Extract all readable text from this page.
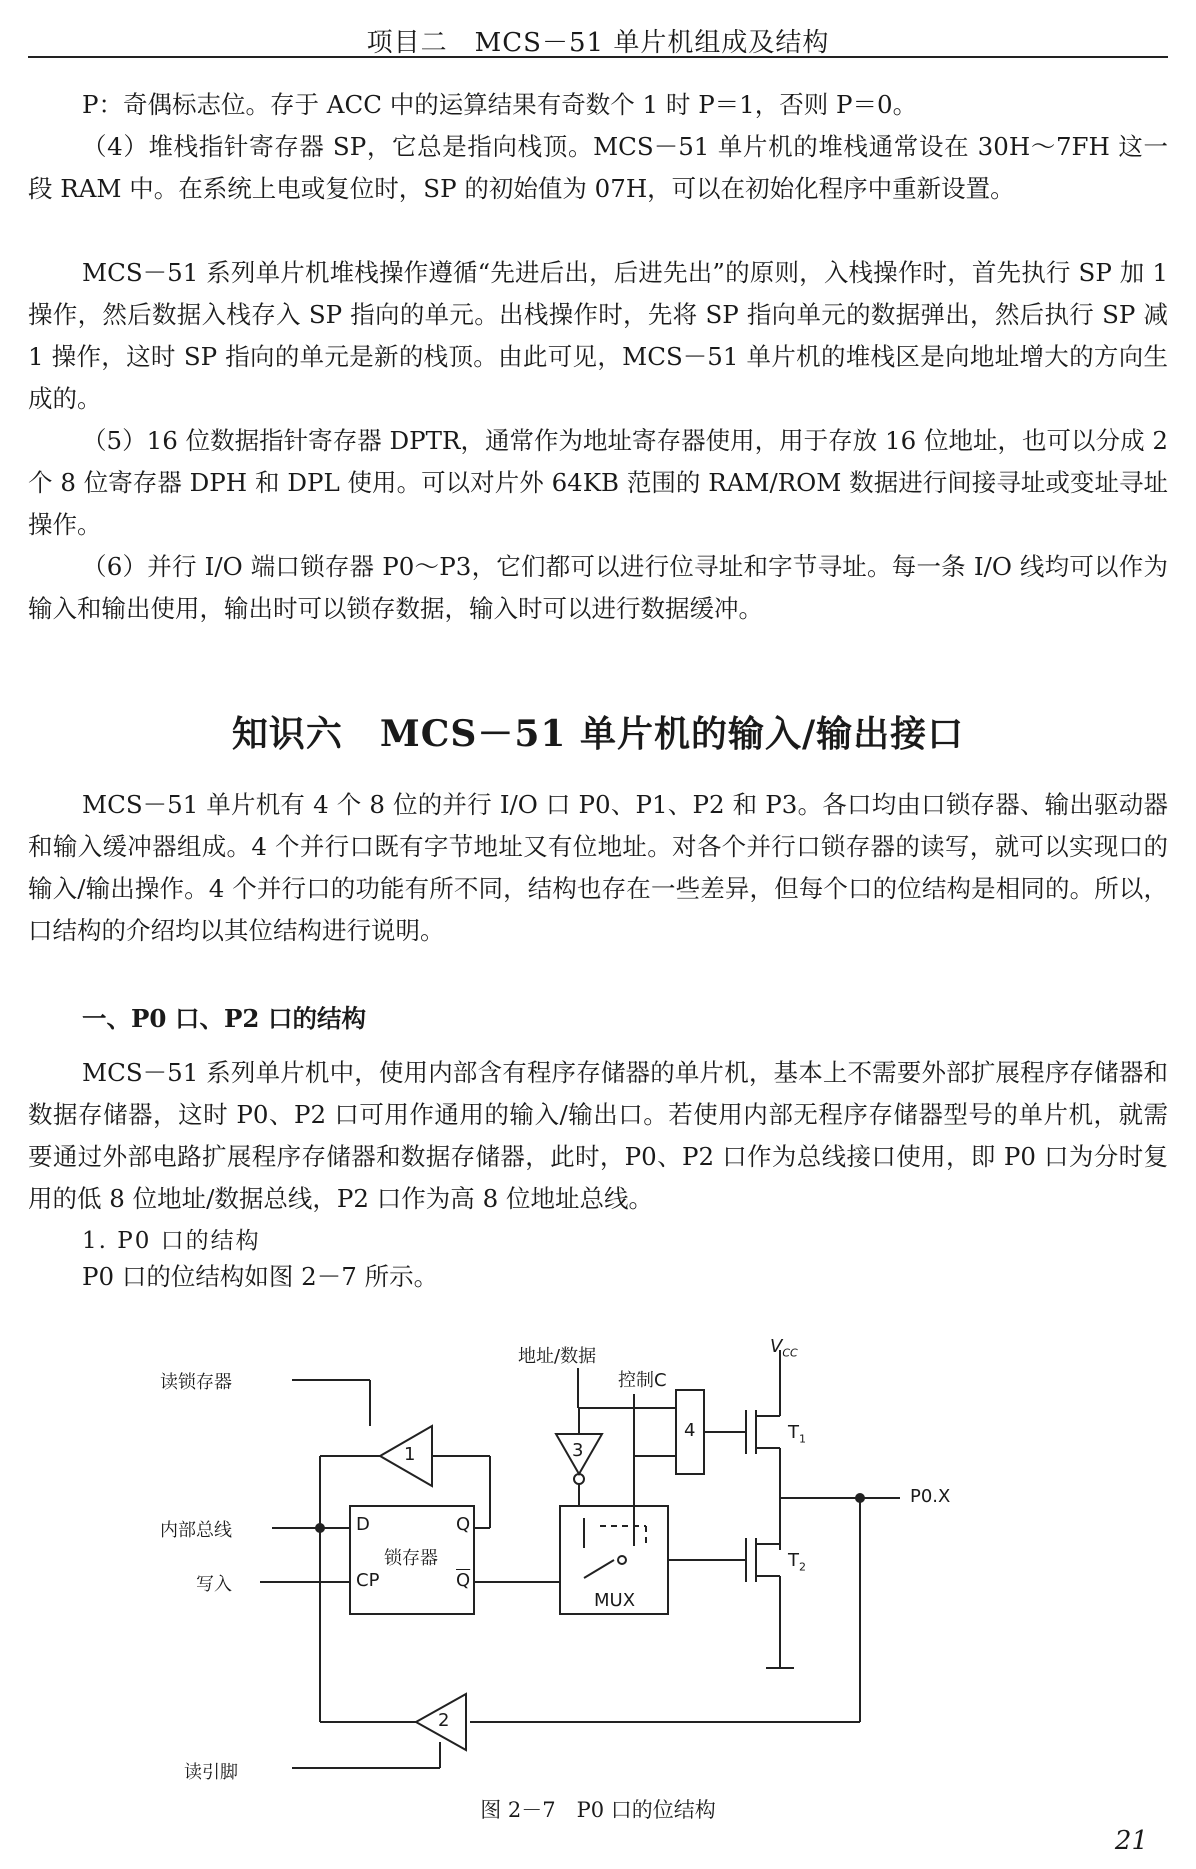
项目二　MCS－51 单片机组成及结构

P：奇偶标志位。存于 ACC 中的运算结果有奇数个 1 时 P＝1，否则 P＝0。

（4）堆栈指针寄存器 SP，它总是指向栈顶。MCS－51 单片机的堆栈通常设在 30H～7FH 这一段 RAM 中。在系统上电或复位时，SP 的初始值为 07H，可以在初始化程序中重新设置。

MCS－51 系列单片机堆栈操作遵循“先进后出，后进先出”的原则，入栈操作时，首先执行 SP 加 1 操作，然后数据入栈存入 SP 指向的单元。出栈操作时，先将 SP 指向单元的数据弹出，然后执行 SP 减 1 操作，这时 SP 指向的单元是新的栈顶。由此可见，MCS－51 单片机的堆栈区是向地址增大的方向生成的。

（5）16 位数据指针寄存器 DPTR，通常作为地址寄存器使用，用于存放 16 位地址，也可以分成 2 个 8 位寄存器 DPH 和 DPL 使用。可以对片外 64KB 范围的 RAM/ROM 数据进行间接寻址或变址寻址操作。

（6）并行 I/O 端口锁存器 P0～P3，它们都可以进行位寻址和字节寻址。每一条 I/O 线均可以作为输入和输出使用，输出时可以锁存数据，输入时可以进行数据缓冲。

知识六　MCS－51 单片机的输入/输出接口

MCS－51 单片机有 4 个 8 位的并行 I/O 口 P0、P1、P2 和 P3。各口均由口锁存器、输出驱动器和输入缓冲器组成。4 个并行口既有字节地址又有位地址。对各个并行口锁存器的读写，就可以实现口的输入/输出操作。4 个并行口的功能有所不同，结构也存在一些差异，但每个口的位结构是相同的。所以，口结构的介绍均以其位结构进行说明。

一、P0 口、P2 口的结构

MCS－51 系列单片机中，使用内部含有程序存储器的单片机，基本上不需要外部扩展程序存储器和数据存储器，这时 P0、P2 口可用作通用的输入/输出口。若使用内部无程序存储器型号的单片机，就需要通过外部电路扩展程序存储器和数据存储器，此时，P0、P2 口作为总线接口使用，即 P0 口为分时复用的低 8 位地址/数据总线，P2 口作为高 8 位地址总线。

1. P0 口的结构

P0 口的位结构如图 2－7 所示。

读锁存器
内部总线
写入
读引脚
地址/数据
控制C
$V_{CC}$
$T_1$
$T_2$
P0.X
锁存器
D	Q
CP	$\overline{Q}$
MUX
1
2
3
4
图 2－7　P0 口的位结构
21
